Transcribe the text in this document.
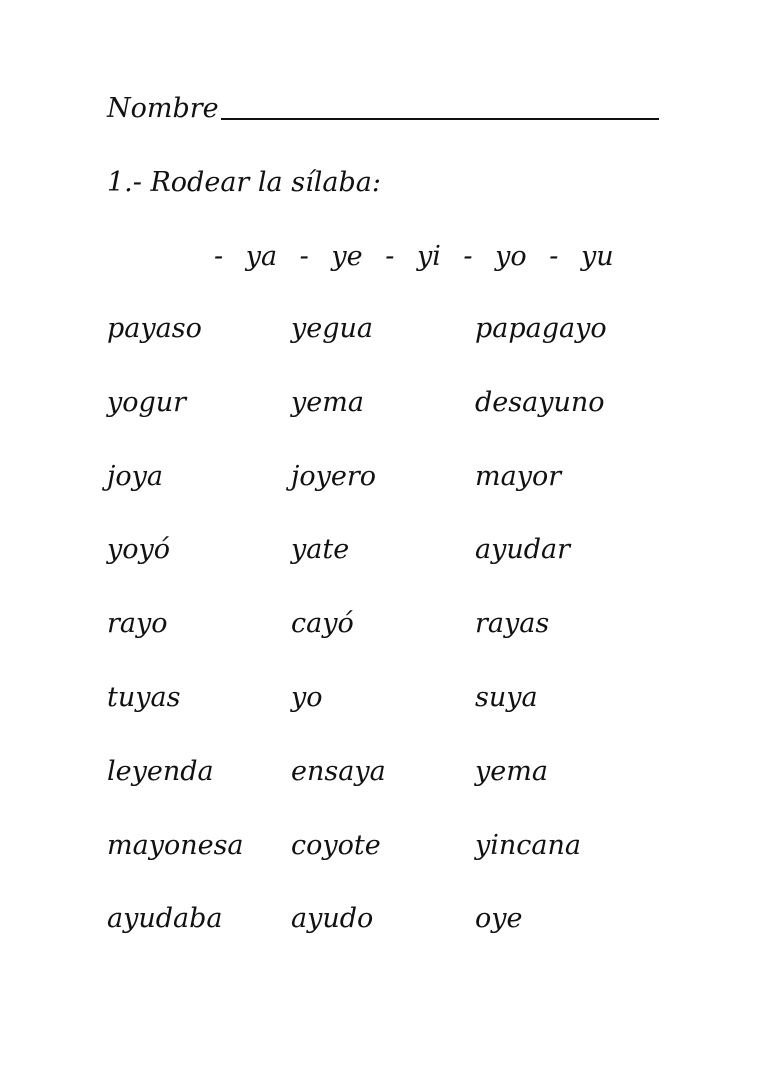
Nombre
1.- Rodear la sílaba:
- ya - ye - yi - yo - yu
payaso	yegua	papagayo
yogur	yema	desayuno
joya	joyero	mayor
yoyó	yate	ayudar
rayo	cayó	rayas
tuyas	yo	suya
leyenda	ensaya	yema
mayonesa	coyote	yincana
ayudaba	ayudo	oye
